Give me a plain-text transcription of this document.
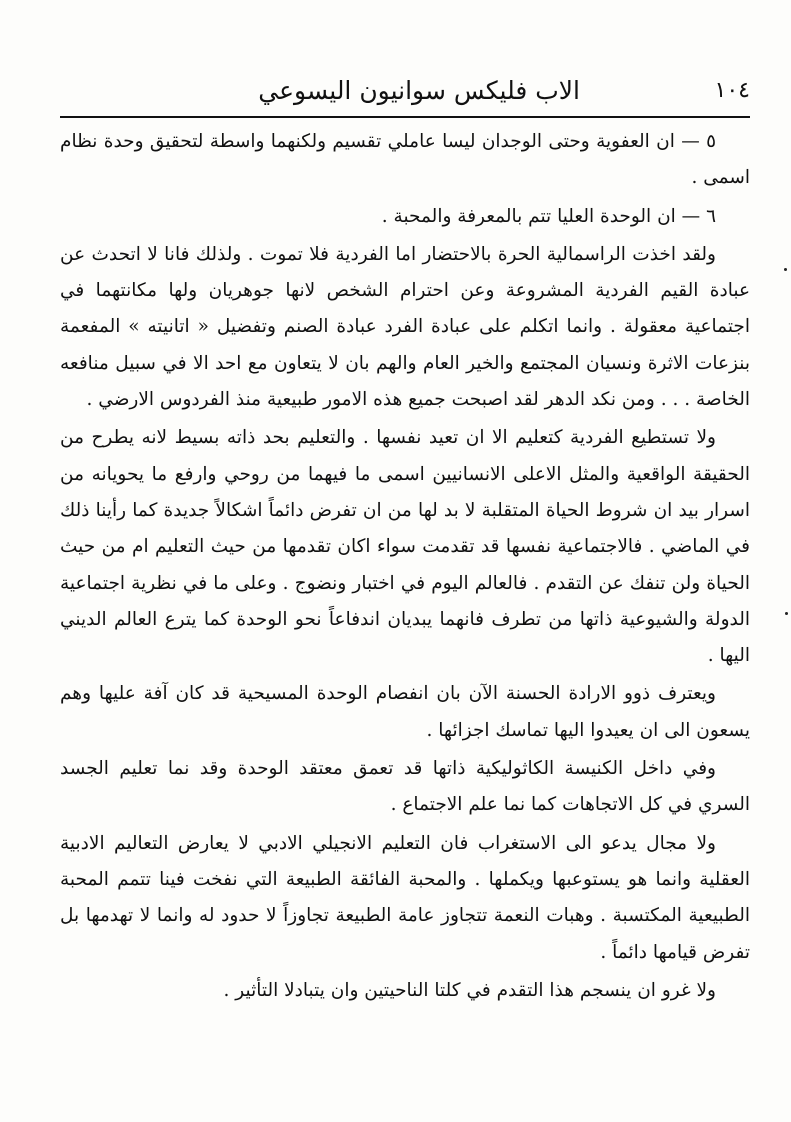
١٠٤
الاب فليكس سوانيون اليسوعي

٥ — ان العفوية وحتى الوجدان ليسا عاملي تقسيم ولكنهما واسطة لتحقيق وحدة نظام اسمى .

٦ — ان الوحدة العليا تتم بالمعرفة والمحبة .

ولقد اخذت الراسمالية الحرة بالاحتضار اما الفردية فلا تموت . ولذلك فانا لا اتحدث عن عبادة القيم الفردية المشروعة وعن احترام الشخص لانها جوهريان ولها مكانتهما في اجتماعية معقولة . وانما اتكلم على عبادة الفرد عبادة الصنم وتفضيل « اتانيته » المفعمة بنزعات الاثرة ونسيان المجتمع والخير العام والهم بان لا يتعاون مع احد الا في سبيل منافعه الخاصة . . . ومن نكد الدهر لقد اصبحت جميع هذه الامور طبيعية منذ الفردوس الارضي .

ولا تستطيع الفردية كتعليم الا ان تعيد نفسها . والتعليم بحد ذاته بسيط لانه يطرح من الحقيقة الواقعية والمثل الاعلى الانسانيين اسمى ما فيهما من روحي وارفع ما يحويانه من اسرار بيد ان شروط الحياة المتقلبة لا بد لها من ان تفرض دائماً اشكالاً جديدة كما رأينا ذلك في الماضي . فالاجتماعية نفسها قد تقدمت سواء اكان تقدمها من حيث التعليم ام من حيث الحياة ولن تنفك عن التقدم . فالعالم اليوم في اختبار ونضوج . وعلى ما في نظرية اجتماعية الدولة والشيوعية ذاتها من تطرف فانهما يبديان اندفاعاً نحو الوحدة كما يترع العالم الديني اليها .

ويعترف ذوو الارادة الحسنة الآن بان انفصام الوحدة المسيحية قد كان آفة عليها وهم يسعون الى ان يعيدوا اليها تماسك اجزائها .

وفي داخل الكنيسة الكاثوليكية ذاتها قد تعمق معتقد الوحدة وقد نما تعليم الجسد السري في كل الاتجاهات كما نما علم الاجتماع .

ولا مجال يدعو الى الاستغراب فان التعليم الانجيلي الادبي لا يعارض التعاليم الادبية العقلية وانما هو يستوعبها ويكملها . والمحبة الفائقة الطبيعة التي نفخت فينا تتمم المحبة الطبيعية المكتسبة . وهبات النعمة تتجاوز عامة الطبيعة تجاوزاً لا حدود له وانما لا تهدمها بل تفرض قيامها دائماً .

ولا غرو ان ينسجم هذا التقدم في كلتا الناحيتين وان يتبادلا التأثير .
